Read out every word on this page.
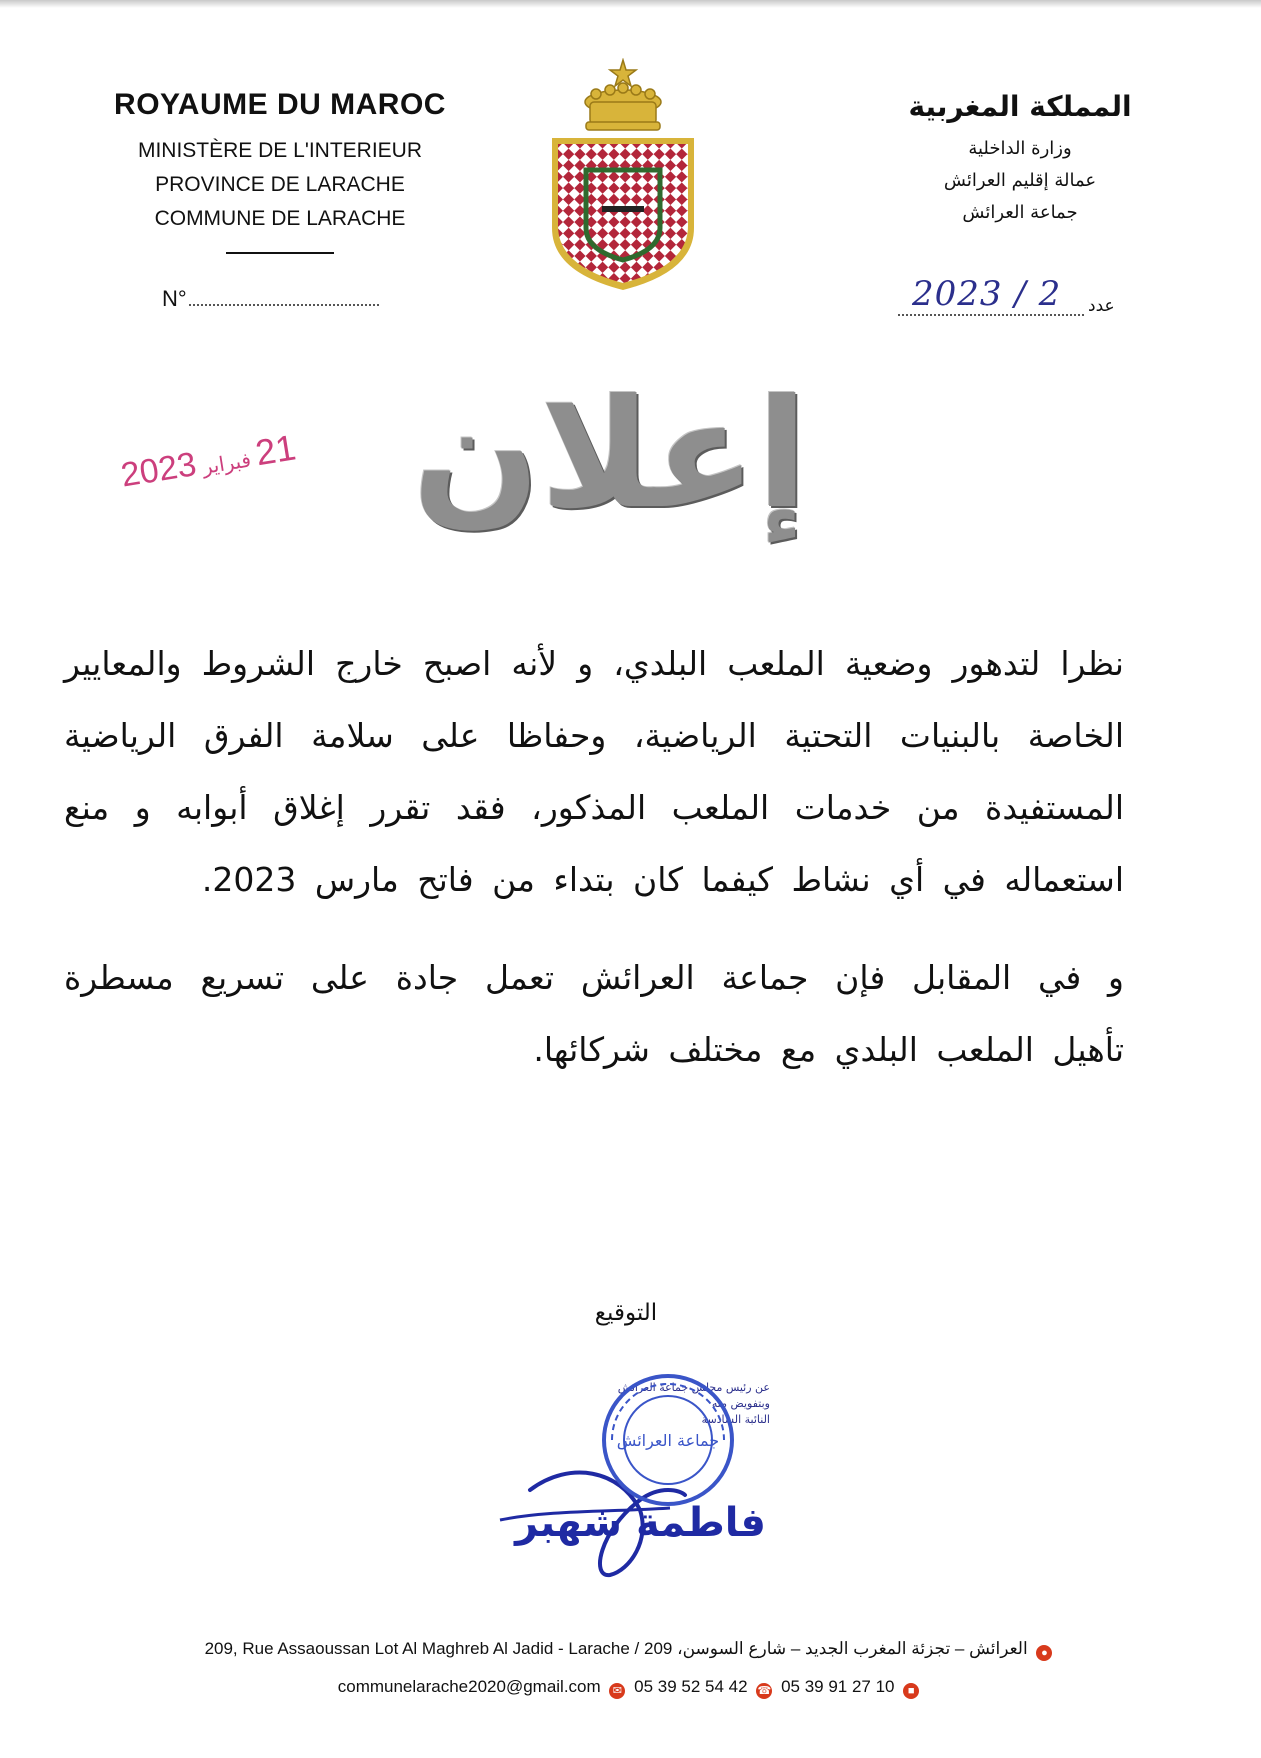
ROYAUME DU MAROC
MINISTÈRE DE L'INTERIEUR
PROVINCE DE LARACHE
COMMUNE DE LARACHE
N°
المملكة المغربية
وزارة الداخلية
عمالة إقليم العرائش
جماعة العرائش
2023 / 2 عدد
إعلان
21فبراير2023

نظرا لتدهور وضعية الملعب البلدي، و لأنه اصبح خارج الشروط والمعايير الخاصة بالبنيات التحتية الرياضية، وحفاظا على سلامة الفرق الرياضية المستفيدة من خدمات الملعب المذكور، فقد تقرر إغلاق أبوابه و منع استعماله في أي نشاط كيفما كان بتداء من فاتح مارس 2023.

و في المقابل فإن جماعة العرائش تعمل جادة على تسريع مسطرة تأهيل الملعب البلدي مع مختلف شركائها.

التوقيع
عن رئيس مجلس جماعة العرائش
وبتفويض منه
النائبة السادسة
فاطمة شهبر
جماعة العرائش
209, Rue Assaoussan Lot Al Maghreb Al Jadid - Larache / العرائش – تجزئة المغرب الجديد – شارع السوسن، 209 ●
communelarache2020@gmail.com ✉ 05 39 52 54 42 ☎ 05 39 91 27 10 ■
